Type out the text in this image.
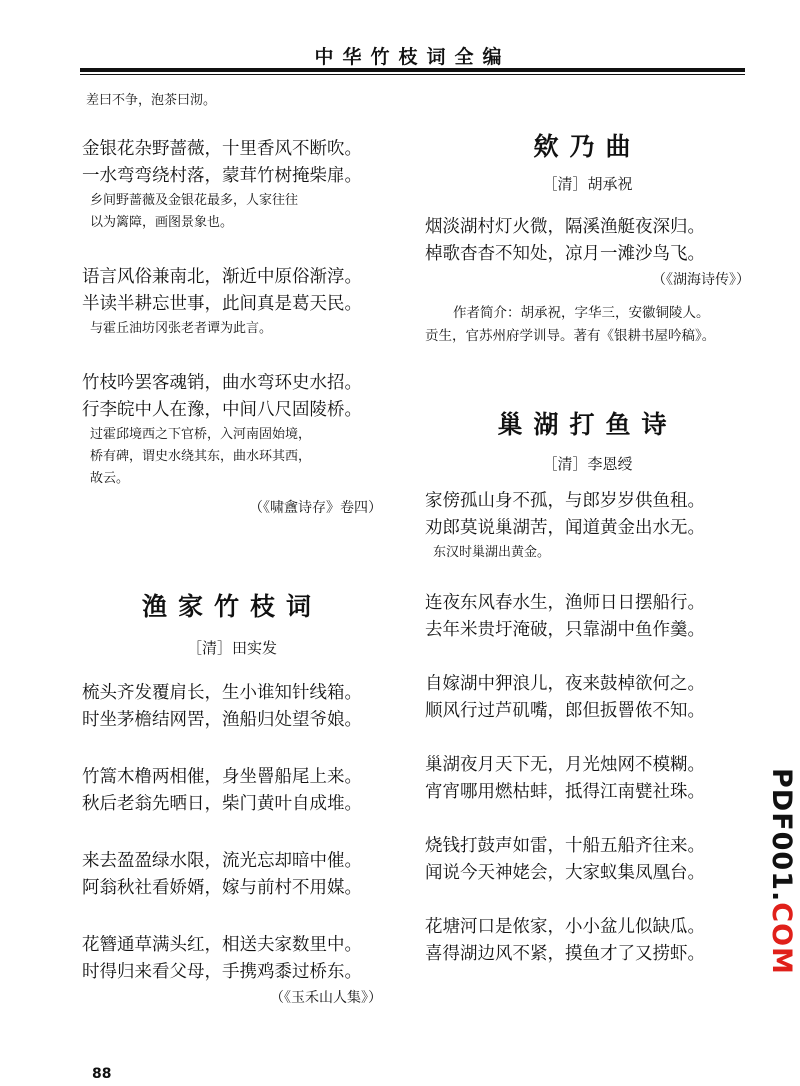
中华竹枝词全编
差曰不争，泡茶曰沏。
金银花杂野蔷薇，十里香风不断吹。
一水弯弯绕村落，蒙茸竹树掩柴扉。
乡间野蔷薇及金银花最多，人家往往
以为篱障，画图景象也。
语言风俗兼南北，渐近中原俗渐淳。
半读半耕忘世事，此间真是葛天民。
与霍丘油坊冈张老者谭为此言。
竹枝吟罢客魂销，曲水弯环史水招。
行李皖中人在豫，中间八尺固陵桥。
过霍邱境西之下官桥，入河南固始境，
桥有碑，谓史水绕其东，曲水环其西，
故云。
（《啸盦诗存》卷四）
渔家竹枝词
［清］田实发
梳头齐发覆肩长，生小谁知针线箱。
时坐茅檐结网罟，渔船归处望爷娘。
竹篙木橹两相催，身坐罾船尾上来。
秋后老翁先晒日，柴门黄叶自成堆。
来去盈盈绿水限，流光忘却暗中催。
阿翁秋社看娇婿，嫁与前村不用媒。
花簪通草满头红，相送夫家数里中。
时得归来看父母，手携鸡黍过桥东。
（《玉禾山人集》）
欸乃曲
［清］胡承祝
烟淡湖村灯火微，隔溪渔艇夜深归。
棹歌杳杳不知处，凉月一滩沙鸟飞。
（《湖海诗传》）
作者简介：胡承祝，字华三，安徽铜陵人。
贡生，官苏州府学训导。著有《银耕书屋吟稿》。
巢湖打鱼诗
［清］李恩绶
家傍孤山身不孤，与郎岁岁供鱼租。
劝郎莫说巢湖苦，闻道黄金出水无。
东汉时巢湖出黄金。
连夜东风春水生，渔师日日摆船行。
去年米贵圩淹破，只靠湖中鱼作羹。
自嫁湖中狎浪儿，夜来鼓棹欲何之。
顺风行过芦矶嘴，郎但扳罾侬不知。
巢湖夜月天下无，月光烛网不模糊。
宵宵哪用燃枯蚌，抵得江南甓社珠。
烧钱打鼓声如雷，十船五船齐往来。
闻说今天神姥会，大家蚁集凤凰台。
花塘河口是侬家，小小盆儿似缺瓜。
喜得湖边风不紧，摸鱼才了又捞虾。
88
PDF001.COM
